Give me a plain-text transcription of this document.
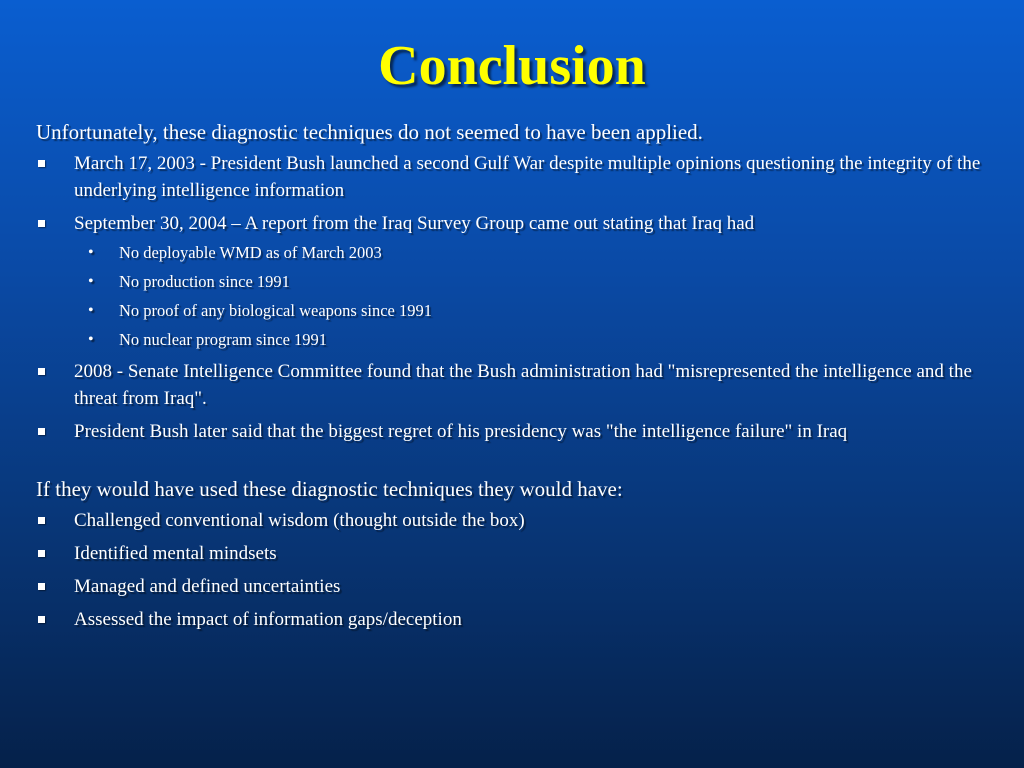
Conclusion

Unfortunately, these diagnostic techniques do not seemed to have been applied.

March 17, 2003 - President Bush launched a second Gulf War despite multiple opinions questioning the integrity of the underlying intelligence information
September 30, 2004 – A report from the Iraq Survey Group came out stating that Iraq had
• No deployable WMD as of March 2003
• No production since 1991
• No proof of any biological weapons since 1991
• No nuclear program since 1991
2008 - Senate Intelligence Committee found that the Bush administration had "misrepresented the intelligence and the threat from Iraq".
President Bush later said that the biggest regret of his presidency was "the intelligence failure" in Iraq

If they would have used these diagnostic techniques they would have:

Challenged conventional wisdom (thought outside the box)
Identified mental mindsets
Managed and defined uncertainties
Assessed the impact of information gaps/deception
